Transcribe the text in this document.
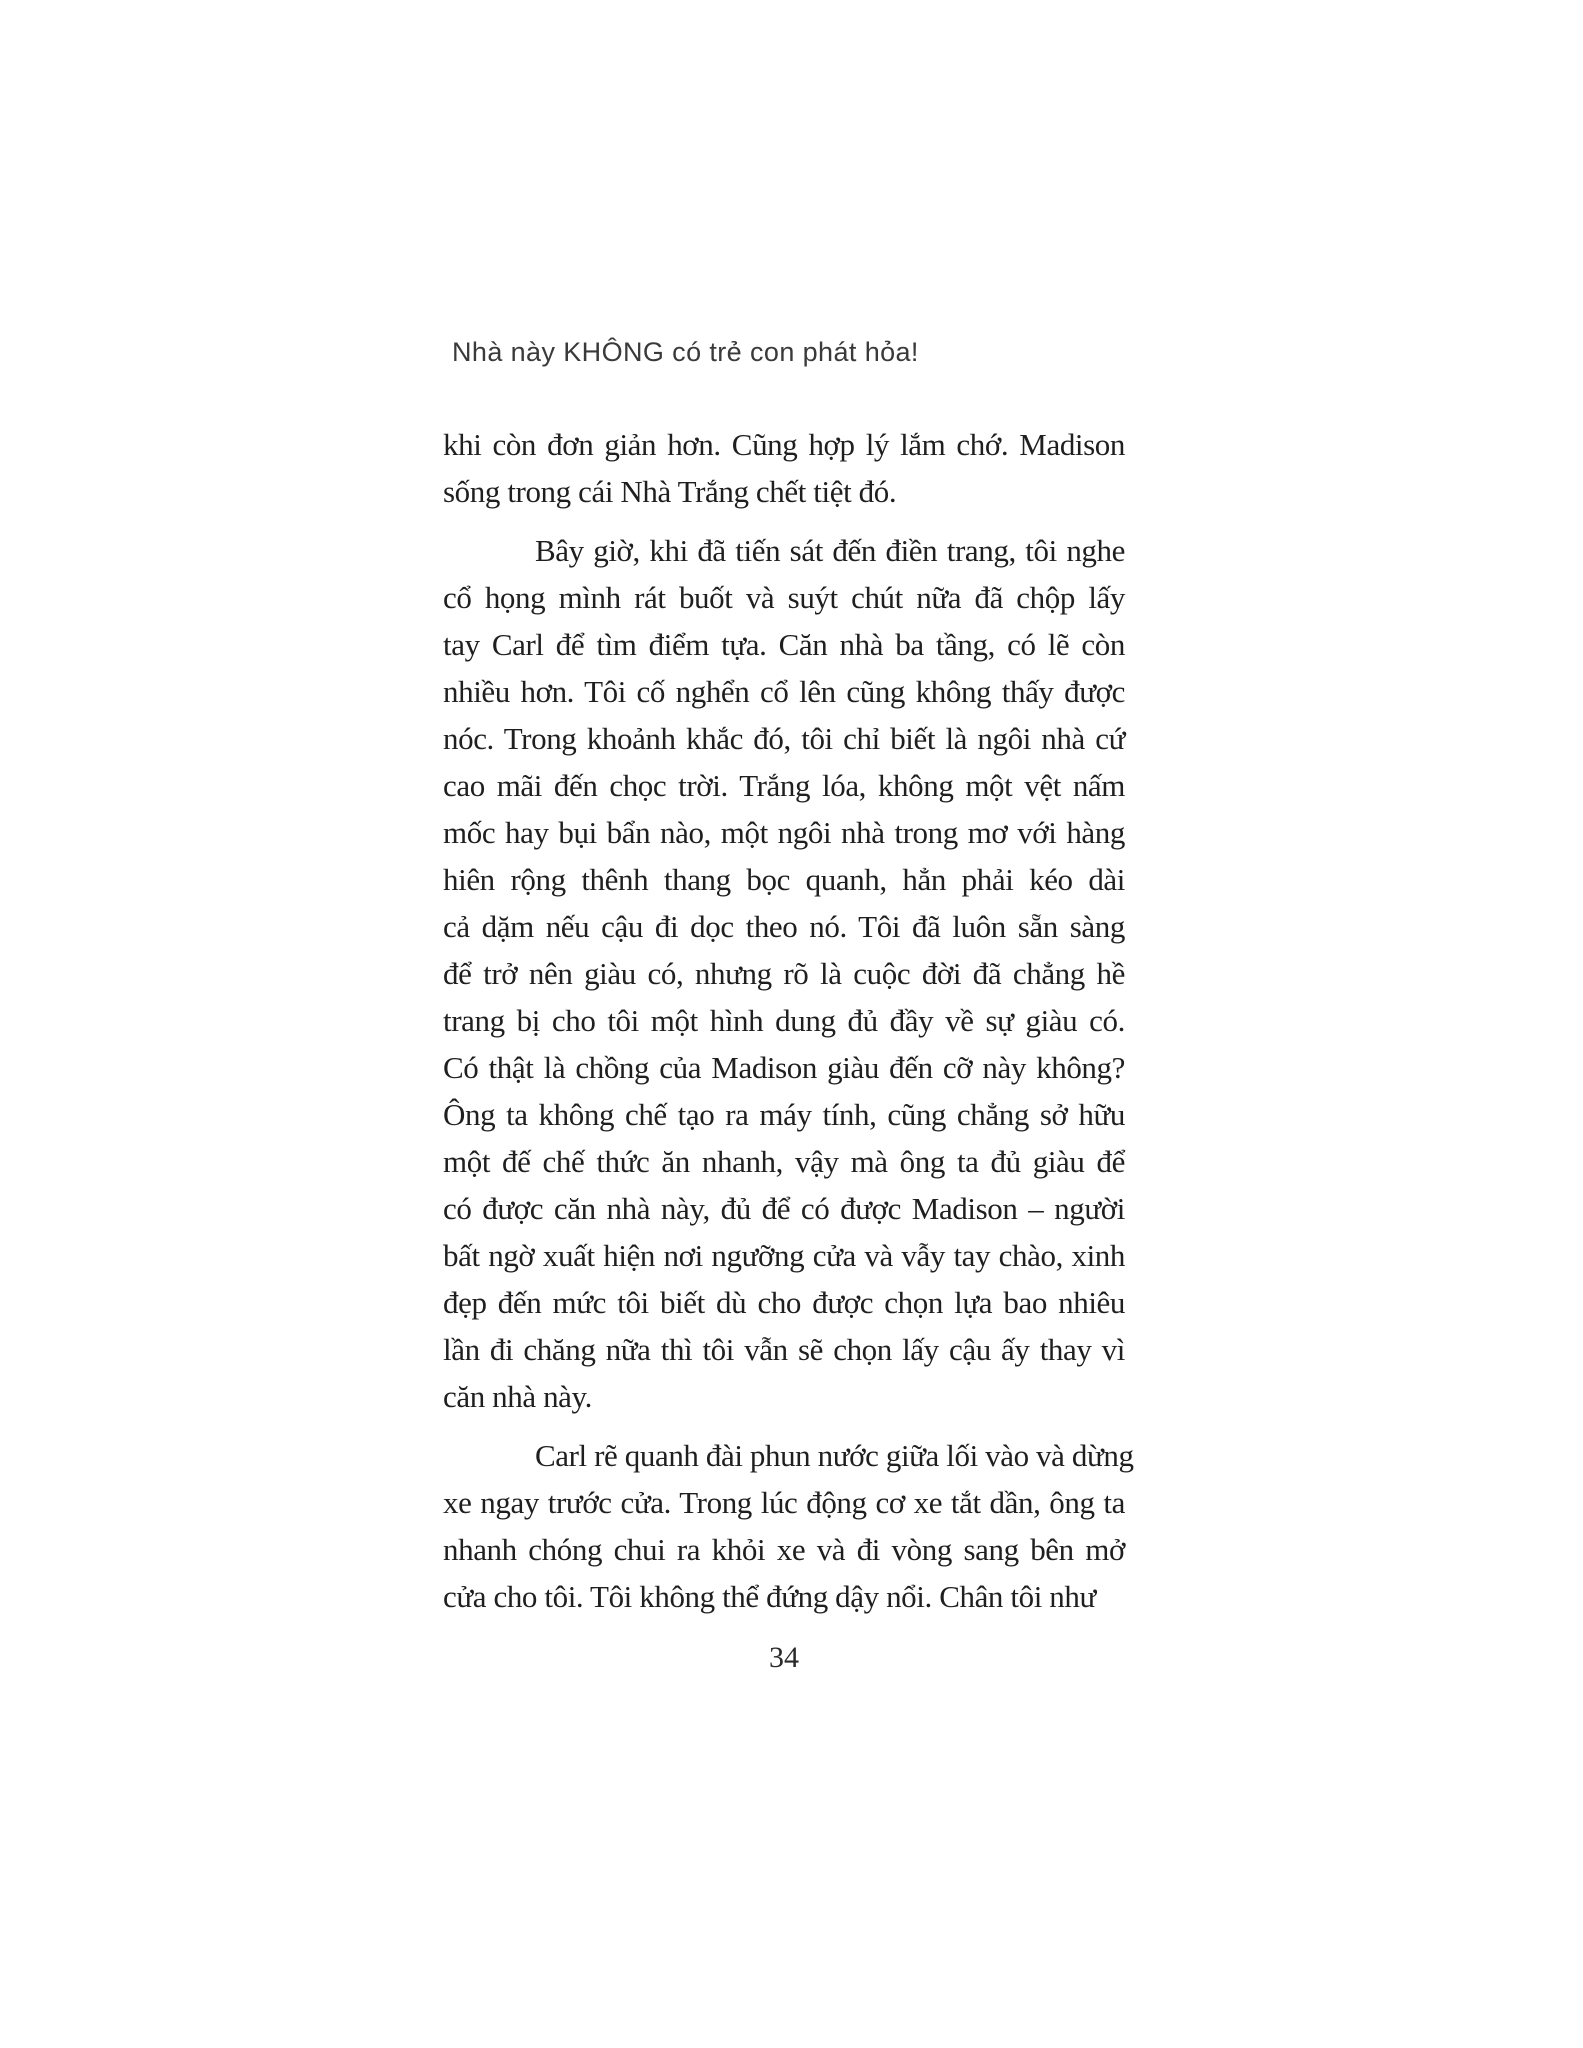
Nhà này KHÔNG có trẻ con phát hỏa!
khi còn đơn giản hơn. Cũng hợp lý lắm chớ. Madison
sống trong cái Nhà Trắng chết tiệt đó.
Bây giờ, khi đã tiến sát đến điền trang, tôi nghe
cổ họng mình rát buốt và suýt chút nữa đã chộp lấy
tay Carl để tìm điểm tựa. Căn nhà ba tầng, có lẽ còn
nhiều hơn. Tôi cố nghển cổ lên cũng không thấy được
nóc. Trong khoảnh khắc đó, tôi chỉ biết là ngôi nhà cứ
cao mãi đến chọc trời. Trắng lóa, không một vệt nấm
mốc hay bụi bẩn nào, một ngôi nhà trong mơ với hàng
hiên rộng thênh thang bọc quanh, hẳn phải kéo dài
cả dặm nếu cậu đi dọc theo nó. Tôi đã luôn sẵn sàng
để trở nên giàu có, nhưng rõ là cuộc đời đã chẳng hề
trang bị cho tôi một hình dung đủ đầy về sự giàu có.
Có thật là chồng của Madison giàu đến cỡ này không?
Ông ta không chế tạo ra máy tính, cũng chẳng sở hữu
một đế chế thức ăn nhanh, vậy mà ông ta đủ giàu để
có được căn nhà này, đủ để có được Madison – người
bất ngờ xuất hiện nơi ngưỡng cửa và vẫy tay chào, xinh
đẹp đến mức tôi biết dù cho được chọn lựa bao nhiêu
lần đi chăng nữa thì tôi vẫn sẽ chọn lấy cậu ấy thay vì
căn nhà này.
Carl rẽ quanh đài phun nước giữa lối vào và dừng
xe ngay trước cửa. Trong lúc động cơ xe tắt dần, ông ta
nhanh chóng chui ra khỏi xe và đi vòng sang bên mở
cửa cho tôi. Tôi không thể đứng dậy nổi. Chân tôi như
34
